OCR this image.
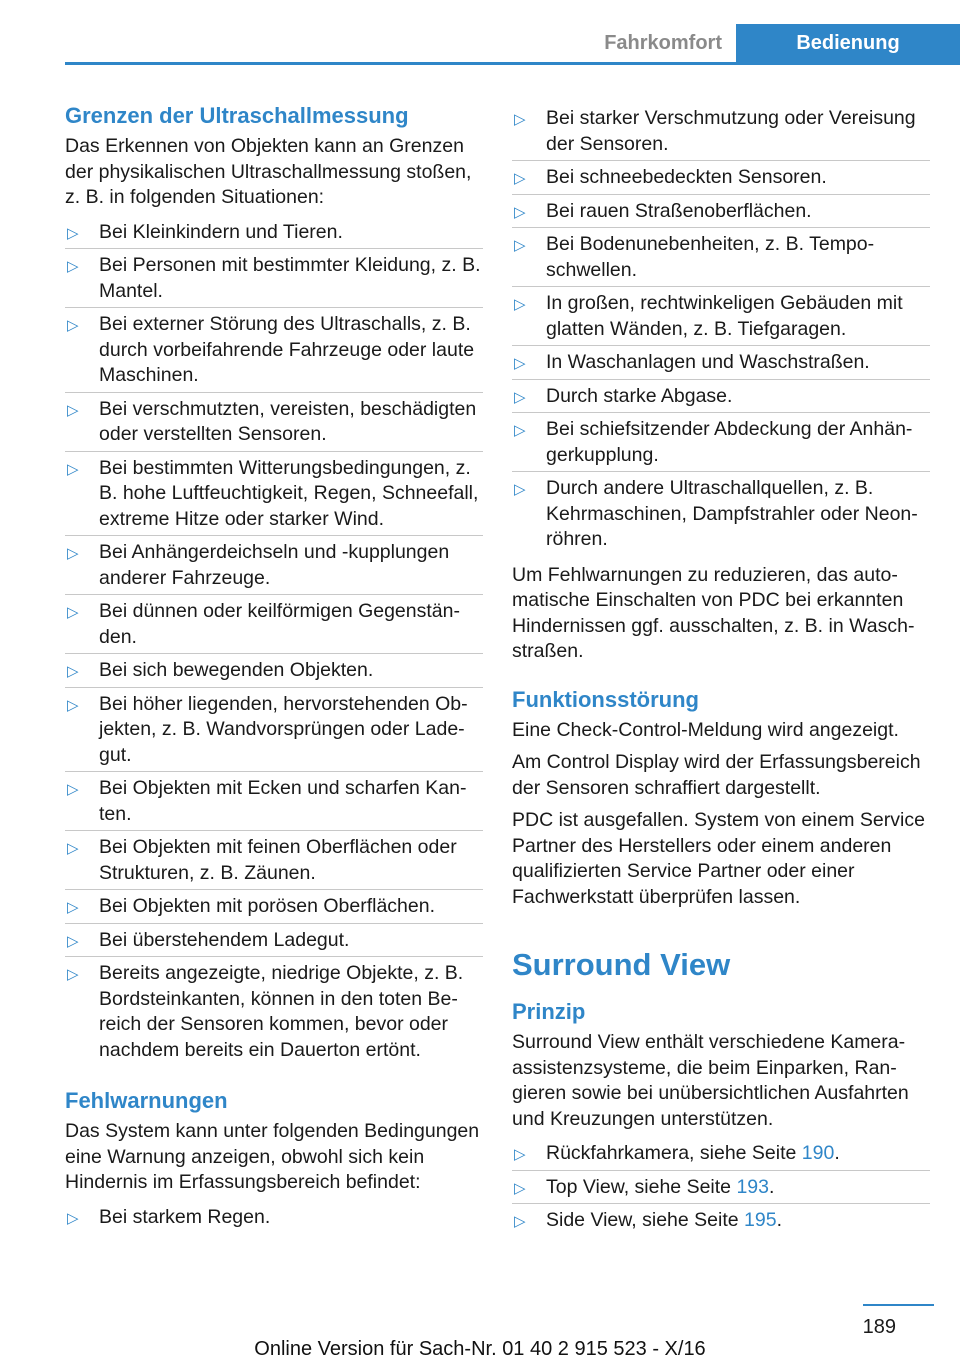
Fahrkomfort	Bedienung
Grenzen der Ultraschallmessung

Das Erkennen von Objekten kann an Grenzen der physikalischen Ultraschallmessung stoßen, z. B. in folgenden Situationen:

▷	Bei Kleinkindern und Tieren.
▷	Bei Personen mit bestimmter Kleidung, z. B. Mantel.
▷	Bei externer Störung des Ultraschalls, z. B. durch vorbeifahrende Fahrzeuge oder laute Maschinen.
▷	Bei verschmutzten, vereisten, beschädigten oder verstellten Sensoren.
▷	Bei bestimmten Witterungsbedingungen, z. B. hohe Luftfeuchtigkeit, Regen, Schneefall, extreme Hitze oder starker Wind.
▷	Bei Anhängerdeichseln und -kupplungen anderer Fahrzeuge.
▷	Bei dünnen oder keilförmigen Gegenständen.
▷	Bei sich bewegenden Objekten.
▷	Bei höher liegenden, hervorstehenden Objekten, z. B. Wandvorsprüngen oder Ladegut.
▷	Bei Objekten mit Ecken und scharfen Kanten.
▷	Bei Objekten mit feinen Oberflächen oder Strukturen, z. B. Zäunen.
▷	Bei Objekten mit porösen Oberflächen.
▷	Bei überstehendem Ladegut.
▷	Bereits angezeigte, niedrige Objekte, z. B. Bordsteinkanten, können in den toten Bereich der Sensoren kommen, bevor oder nachdem bereits ein Dauerton ertönt.
Fehlwarnungen

Das System kann unter folgenden Bedingungen eine Warnung anzeigen, obwohl sich kein Hindernis im Erfassungsbereich befindet:

▷	Bei starkem Regen.
▷	Bei starker Verschmutzung oder Vereisung der Sensoren.
▷	Bei schneebedeckten Sensoren.
▷	Bei rauen Straßenoberflächen.
▷	Bei Bodenunebenheiten, z. B. Temposchwellen.
▷	In großen, rechtwinkeligen Gebäuden mit glatten Wänden, z. B. Tiefgaragen.
▷	In Waschanlagen und Waschstraßen.
▷	Durch starke Abgase.
▷	Bei schiefsitzender Abdeckung der Anhängerkupplung.
▷	Durch andere Ultraschallquellen, z. B. Kehrmaschinen, Dampfstrahler oder Neonröhren.

Um Fehlwarnungen zu reduzieren, das automatische Einschalten von PDC bei erkannten Hindernissen ggf. ausschalten, z. B. in Waschstraßen.

Funktionsstörung

Eine Check-Control-Meldung wird angezeigt.

Am Control Display wird der Erfassungsbereich der Sensoren schraffiert dargestellt.

PDC ist ausgefallen. System von einem Service Partner des Herstellers oder einem anderen qualifizierten Service Partner oder einer Fachwerkstatt überprüfen lassen.

Surround View
Prinzip

Surround View enthält verschiedene Kameraassistenzsysteme, die beim Einparken, Rangieren sowie bei unübersichtlichen Ausfahrten und Kreuzungen unterstützen.

▷	Rückfahrkamera, siehe Seite 190.
▷	Top View, siehe Seite 193.
▷	Side View, siehe Seite 195.
189
Online Version für Sach-Nr. 01 40 2 915 523 - X/16
